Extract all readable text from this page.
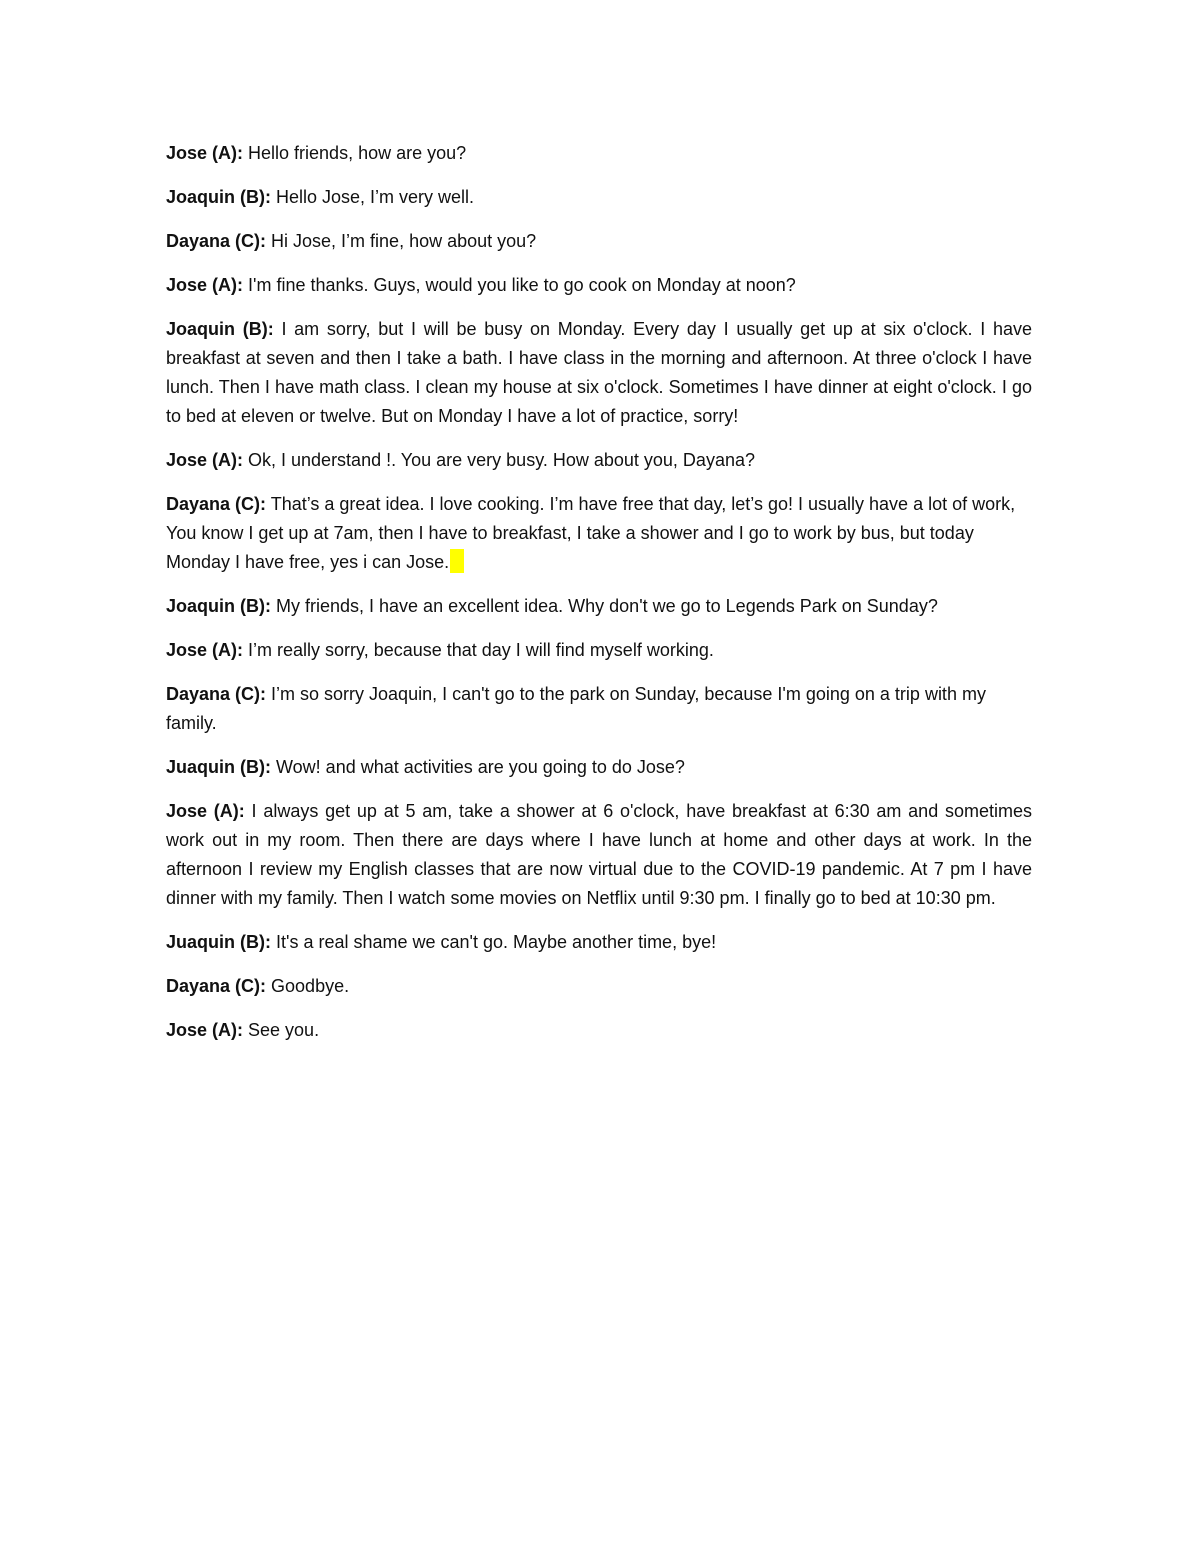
Jose (A): Hello friends, how are you?

Joaquin (B): Hello Jose, I’m very well.

Dayana (C): Hi Jose, I’m fine, how about you?

Jose (A): I'm fine thanks. Guys, would you like to go cook on Monday at noon?

Joaquin (B): I am sorry, but I will be busy on Monday. Every day I usually get up at six o'clock. I have breakfast at seven and then I take a bath. I have class in the morning and afternoon. At three o'clock I have lunch. Then I have math class. I clean my house at six o'clock. Sometimes I have dinner at eight o'clock. I go to bed at eleven or twelve. But on Monday I have a lot of practice, sorry!

Jose (A): Ok, I understand !. You are very busy. How about you, Dayana?

Dayana (C): That’s a great idea. I love cooking. I’m have free that day, let’s go! I usually have a lot of work, You know I get up at 7am, then I have to breakfast, I take a shower and I go to work by bus, but today Monday I have free, yes i can Jose.

Joaquin (B): My friends, I have an excellent idea. Why don't we go to Legends Park on Sunday?

Jose (A): I’m really sorry, because that day I will find myself working.

Dayana (C): I’m so sorry Joaquin, I can't go to the park on Sunday, because I'm going on a trip with my family.

Juaquin (B): Wow! and what activities are you going to do Jose?

Jose (A): I always get up at 5 am, take a shower at 6 o'clock, have breakfast at 6:30 am and sometimes work out in my room. Then there are days where I have lunch at home and other days at work. In the afternoon I review my English classes that are now virtual due to the COVID-19 pandemic. At 7 pm I have dinner with my family. Then I watch some movies on Netflix until 9:30 pm. I finally go to bed at 10:30 pm.

Juaquin (B): It's a real shame we can't go. Maybe another time, bye!

Dayana (C): Goodbye.

Jose (A): See you.
